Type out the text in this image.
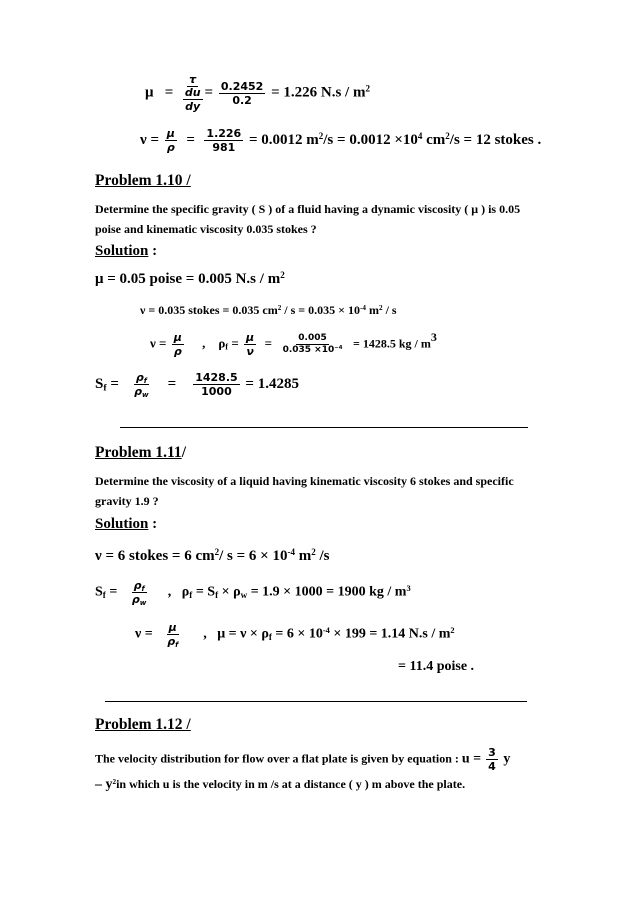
$\mu = \frac{\tau}{\frac{du}{dy}} = \frac{0.2452}{0.2} = 1.226$ $N.s / m^2$
$\nu = \frac{\mu}{\rho} = \frac{1.226}{981} = 0.0012$ $m^2/s = 0.0012 \times 10^4$ $cm^2/s = 12$ stokes .
Problem 1.10 /
Determine the specific gravity ( S ) of a fluid having a dynamic viscosity ( μ ) is 0.05 poise and kinematic viscosity 0.035 stokes ?
Solution :
μ = 0.05 poise = 0.005 $N.s / m^2$
ν = 0.035 stokes = 0.035 $cm^2 / s = 0.035 \times 10^{-4}$ $m^2$ / s
$\nu = \frac{\mu}{\rho}$ , $\rho_f = \frac{\mu}{\nu} = \frac{0.005}{0.035 \times 10^{-4}} = 1428.5$ kg / $m^3$
$S_f = \frac{\rho_f}{\rho_w} = \frac{1428.5}{1000} = 1.4285$
Problem 1.11/
Determine the viscosity of a liquid having kinematic viscosity 6 stokes and specific gravity 1.9 ?
Solution :
ν = 6 stokes = 6 $cm^2/$ $s = 6 \times 10^{-4}$ $m^2$ /s
$S_f = \frac{\rho_f}{\rho_w}$ , $\rho_f = S_f \times \rho_w = 1.9 \times 1000 = 1900$ kg / $m^3$
$\nu = \frac{\mu}{\rho_f}$ , $\mu = \nu \times \rho_f = 6 \times 10^{-4} \times 199 = 1.14$ $N.s / m^2$
= 11.4 poise .
Problem 1.12 /
The velocity distribution for flow over a flat plate is given by equation : $u = \frac{3}{4}$ y
– $y^2in$ which u is the velocity in m /s at a distance ( y ) m above the plate.
